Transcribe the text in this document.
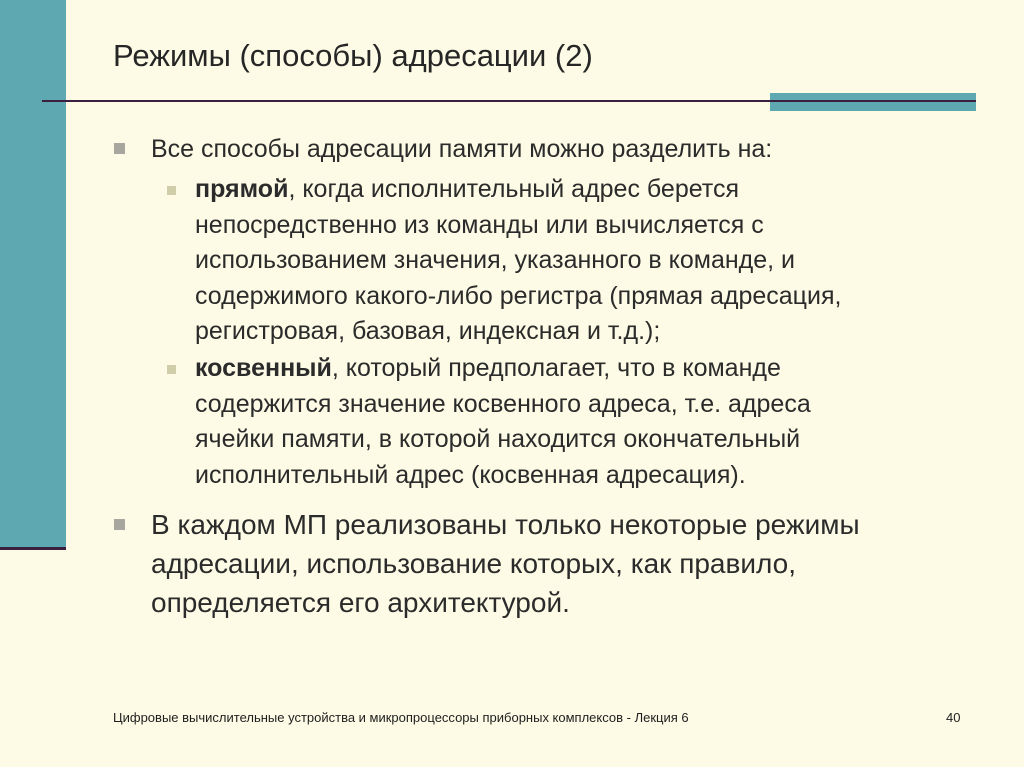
Режимы (способы) адресации (2)
Все способы адресации памяти можно разделить на:
прямой, когда исполнительный адрес берется
непосредственно из команды или вычисляется с
использованием значения, указанного в команде, и
содержимого какого-либо регистра (прямая адресация,
регистровая, базовая, индексная и т.д.);
косвенный, который предполагает, что в команде
содержится значение косвенного адреса, т.е. адреса
ячейки памяти, в которой находится окончательный
исполнительный адрес (косвенная адресация).
В каждом МП реализованы только некоторые режимы
адресации, использование которых, как правило,
определяется его архитектурой.
Цифровые вычислительные устройства и микропроцессоры приборных комплексов - Лекция 6	40
